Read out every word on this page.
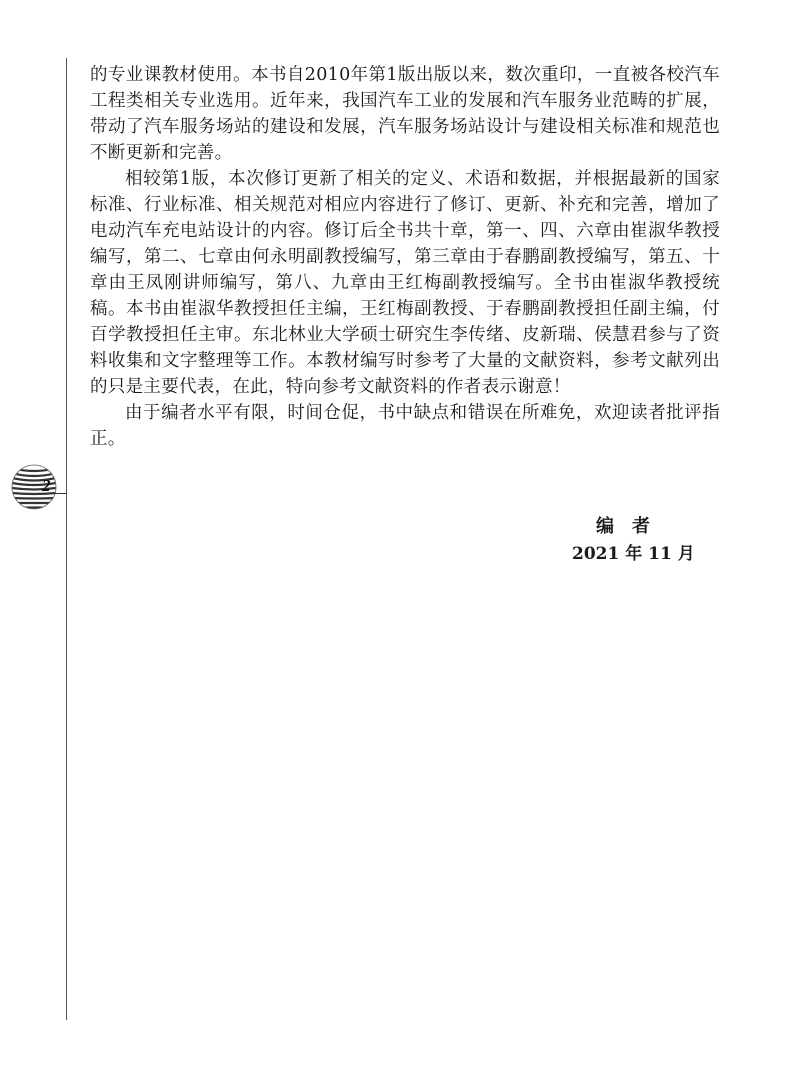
2

的专业课教材使用。本书自2010年第1版出版以来，数次重印，一直被各校汽车工程类相关专业选用。近年来，我国汽车工业的发展和汽车服务业范畴的扩展，带动了汽车服务场站的建设和发展，汽车服务场站设计与建设相关标准和规范也不断更新和完善。

相较第1版，本次修订更新了相关的定义、术语和数据，并根据最新的国家标准、行业标准、相关规范对相应内容进行了修订、更新、补充和完善，增加了电动汽车充电站设计的内容。修订后全书共十章，第一、四、六章由崔淑华教授编写，第二、七章由何永明副教授编写，第三章由于春鹏副教授编写，第五、十章由王凤刚讲师编写，第八、九章由王红梅副教授编写。全书由崔淑华教授统稿。本书由崔淑华教授担任主编，王红梅副教授、于春鹏副教授担任副主编，付百学教授担任主审。东北林业大学硕士研究生李传绪、皮新瑞、侯慧君参与了资料收集和文字整理等工作。本教材编写时参考了大量的文献资料，参考文献列出的只是主要代表，在此，特向参考文献资料的作者表示谢意！

由于编者水平有限，时间仓促，书中缺点和错误在所难免，欢迎读者批评指正。

编　者
2021 年 11 月
